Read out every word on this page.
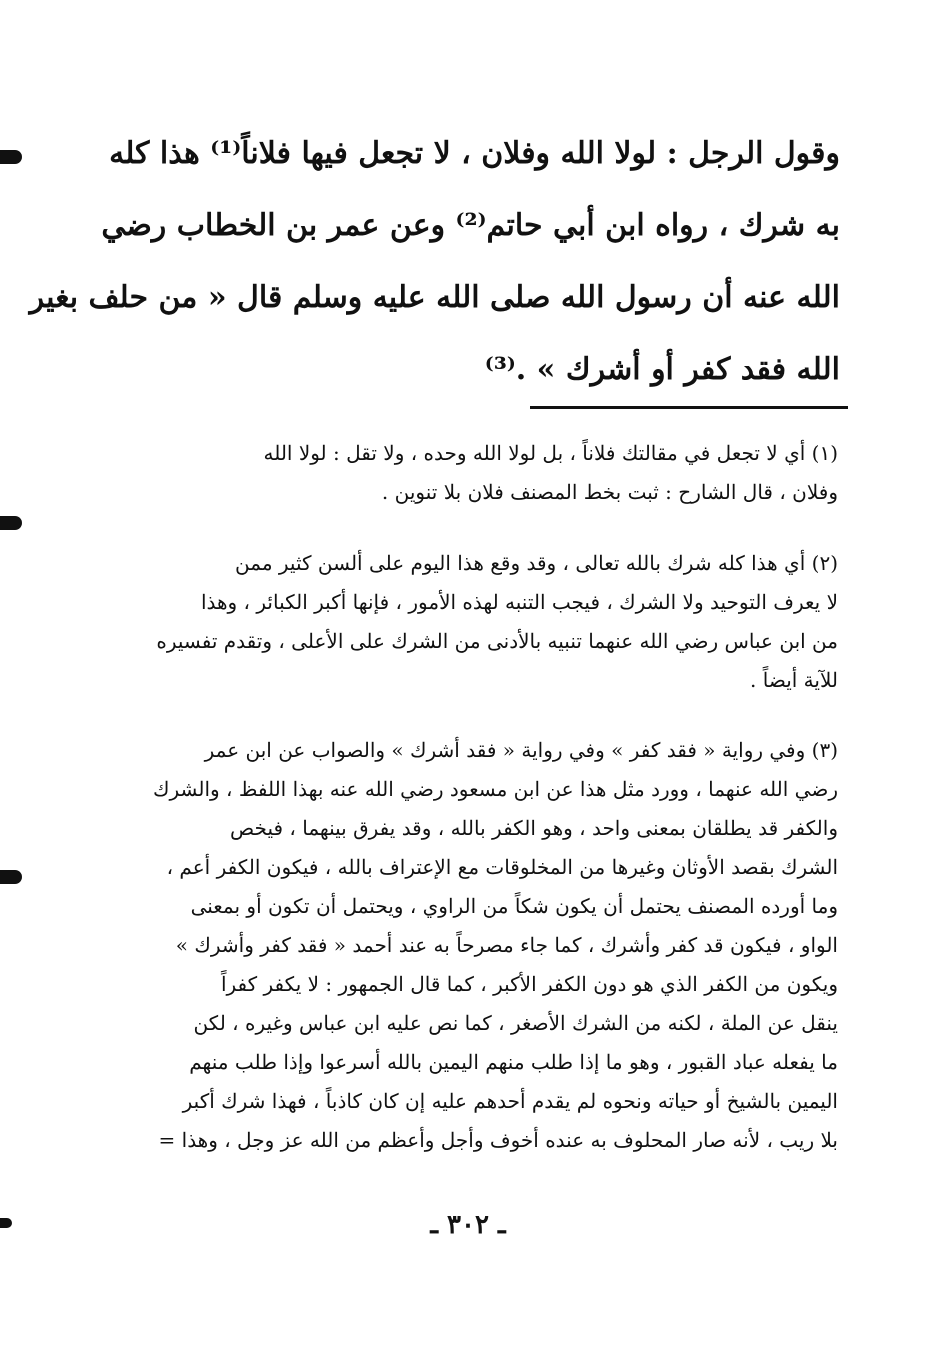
وقول الرجل : لولا الله وفلان ، لا تجعل فيها فلاناً⁽¹⁾ هذا كله
به شرك ، رواه ابن أبي حاتم⁽²⁾ وعن عمر بن الخطاب رضي
الله عنه أن رسول الله صلى الله عليه وسلم قال « من حلف بغير
الله فقد كفر أو أشرك » .⁽³⁾
(١) أي لا تجعل في مقالتك فلاناً ، بل لولا الله وحده ، ولا تقل : لولا الله
وفلان ، قال الشارح : ثبت بخط المصنف فلان بلا تنوين .
(٢) أي هذا كله شرك بالله تعالى ، وقد وقع هذا اليوم على ألسن كثير ممن
لا يعرف التوحيد ولا الشرك ، فيجب التنبه لهذه الأمور ، فإنها أكبر الكبائر ، وهذا
من ابن عباس رضي الله عنهما تنبيه بالأدنى من الشرك على الأعلى ، وتقدم تفسيره
للآية أيضاً .
(٣) وفي رواية « فقد كفر » وفي رواية « فقد أشرك » والصواب عن ابن عمر
رضي الله عنهما ، وورد مثل هذا عن ابن مسعود رضي الله عنه بهذا اللفظ ، والشرك
والكفر قد يطلقان بمعنى واحد ، وهو الكفر بالله ، وقد يفرق بينهما ، فيخص
الشرك بقصد الأوثان وغيرها من المخلوقات مع الإعتراف بالله ، فيكون الكفر أعم ،
وما أورده المصنف يحتمل أن يكون شكاً من الراوي ، ويحتمل أن تكون أو بمعنى
الواو ، فيكون قد كفر وأشرك ، كما جاء مصرحاً به عند أحمد « فقد كفر وأشرك »
ويكون من الكفر الذي هو دون الكفر الأكبر ، كما قال الجمهور : لا يكفر كفراً
ينقل عن الملة ، لكنه من الشرك الأصغر ، كما نص عليه ابن عباس وغيره ، لكن
ما يفعله عباد القبور ، وهو ما إذا طلب منهم اليمين بالله أسرعوا وإذا طلب منهم
اليمين بالشيخ أو حياته ونحوه لم يقدم أحدهم عليه إن كان كاذباً ، فهذا شرك أكبر
بلا ريب ، لأنه صار المحلوف به عنده أخوف وأجل وأعظم من الله عز وجل ، وهذا =
ـ ٣٠٢ ـ
